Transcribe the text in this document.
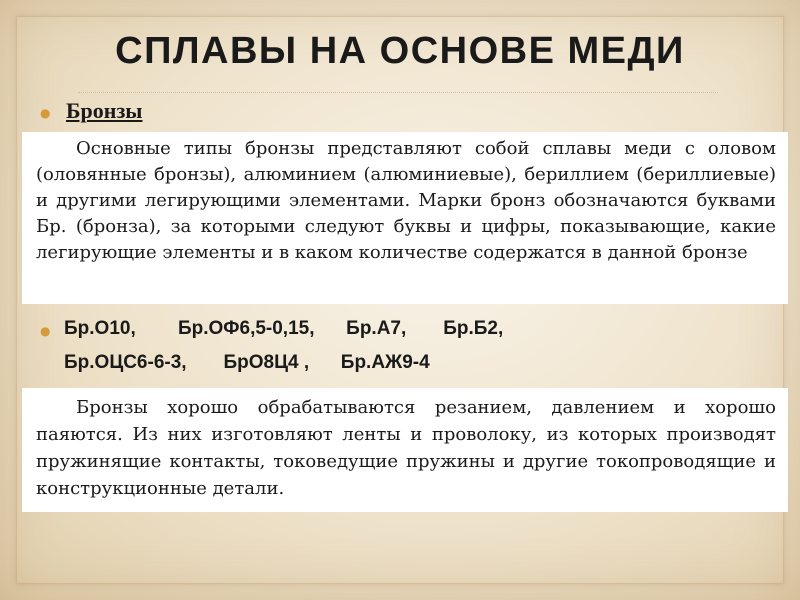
СПЛАВЫ НА ОСНОВЕ МЕДИ
● Бронзы

Основные типы бронзы представляют собой сплавы меди с оловом (оловянные бронзы), алюминием (алюминиевые), бериллием (бериллиевые) и другими легирующими элементами. Марки бронз обозначаются буквами Бр. (бронза), за которыми следуют буквы и цифры, показывающие, какие легирующие элементы и в каком количестве содержатся в данной бронзе

● Бр.О10,        Бр.ОФ6,5-0,15,      Бр.А7,       Бр.Б2,
Бр.ОЦС6-6-3,       БрО8Ц4 ,      Бр.АЖ9-4

Бронзы хорошо обрабатываются резанием, давлением и хорошо паяются. Из них изготовляют ленты и проволоку, из которых производят пружинящие контакты, токоведущие пружины и другие токопроводящие и конструкционные детали.
